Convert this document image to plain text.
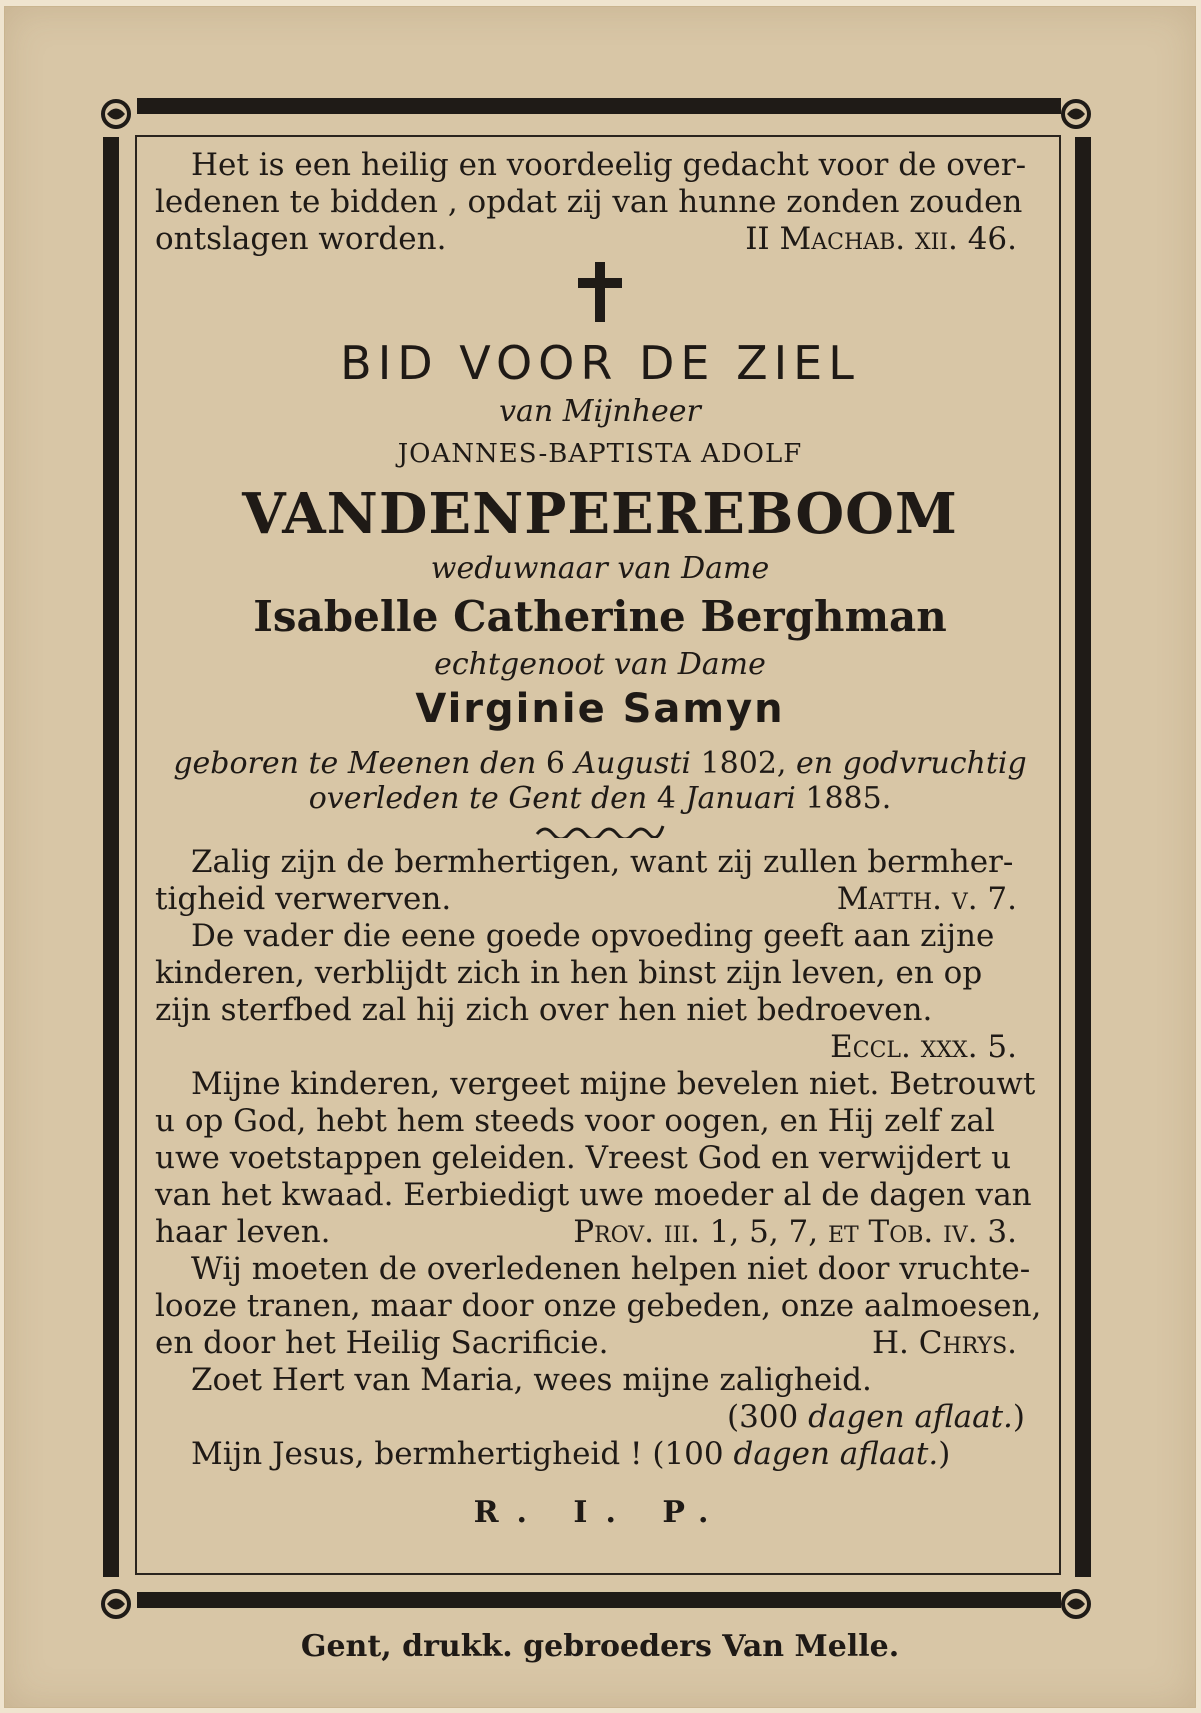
Het is een heilig en voordeelig gedacht voor de over-

ledenen te bidden , opdat zij van hunne zonden zouden

ontslagen worden.	II Machab. xii. 46.

BID VOOR DE ZIEL
van Mijnheer
JOANNES-BAPTISTA ADOLF
VANDENPEEREBOOM
weduwnaar van Dame
Isabelle Catherine Berghman
echtgenoot van Dame
Virginie Samyn
geboren te Meenen den 6 Augusti 1802, en godvruchtig
overleden te Gent den 4 Januari 1885.

Zalig zijn de bermhertigen, want zij zullen bermher-

tigheid verwerven.	Matth. v. 7.

De vader die eene goede opvoeding geeft aan zijne

kinderen, verblijdt zich in hen binst zijn leven, en op

zijn sterfbed zal hij zich over hen niet bedroeven.

Eccl. xxx. 5.

Mijne kinderen, vergeet mijne bevelen niet. Betrouwt

u op God, hebt hem steeds voor oogen, en Hij zelf zal

uwe voetstappen geleiden. Vreest God en verwijdert u

van het kwaad. Eerbiedigt uwe moeder al de dagen van

haar leven.	Prov. iii. 1, 5, 7, et Tob. iv. 3.

Wij moeten de overledenen helpen niet door vruchte-

looze tranen, maar door onze gebeden, onze aalmoesen,

en door het Heilig Sacrificie.	H. Chrys.

Zoet Hert van Maria, wees mijne zaligheid.

(300 dagen aflaat.)

Mijn Jesus, bermhertigheid ! (100 dagen aflaat.)

R. I. P.
Gent, drukk. gebroeders Van Melle.
